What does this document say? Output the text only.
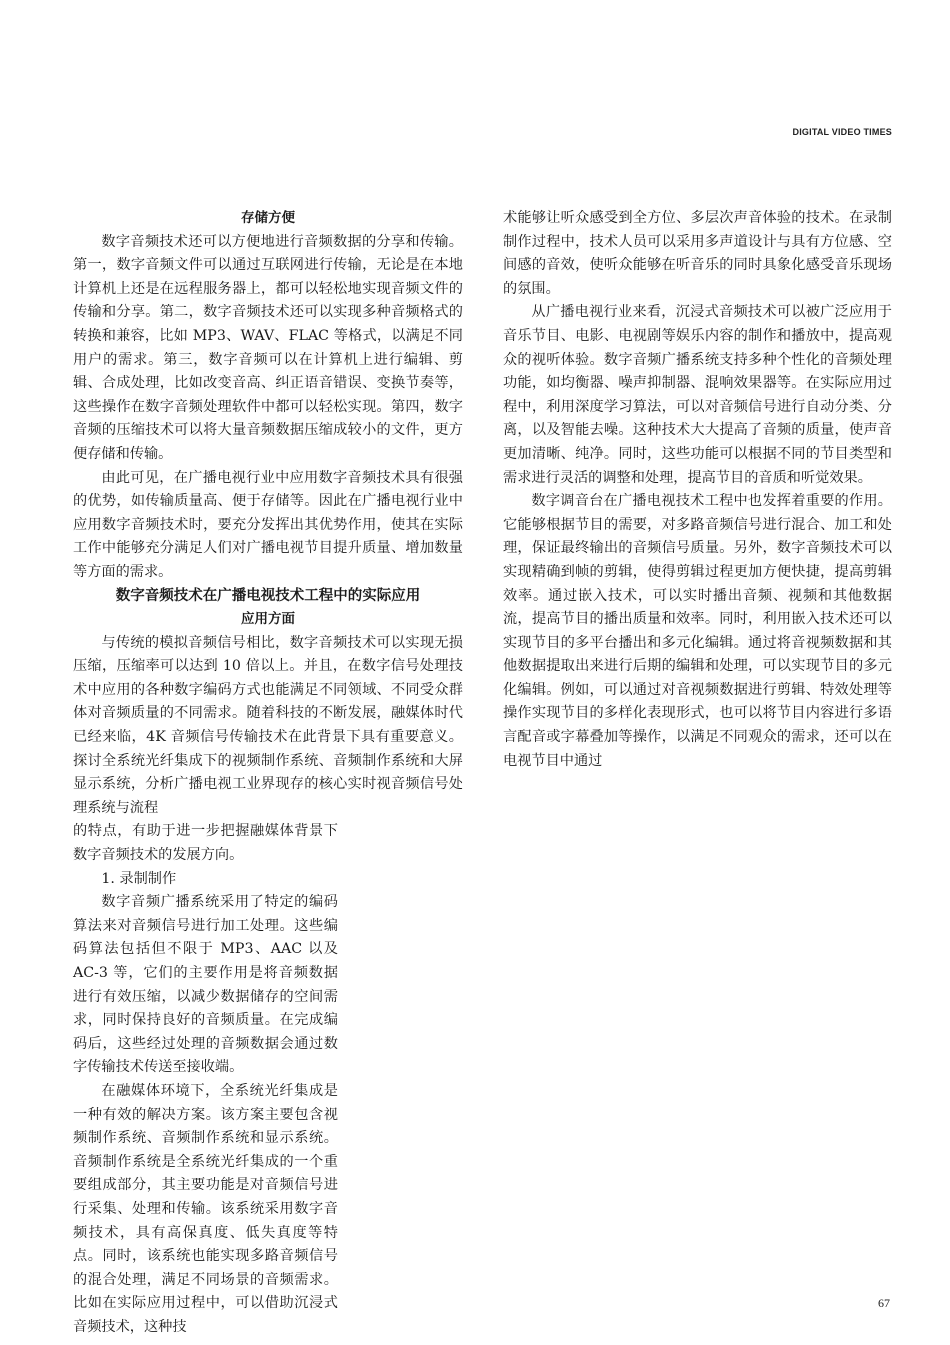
DIGITAL VIDEO TIMES

存储方便

数字音频技术还可以方便地进行音频数据的分享和传输。第一，数字音频文件可以通过互联网进行传输，无论是在本地计算机上还是在远程服务器上，都可以轻松地实现音频文件的传输和分享。第二，数字音频技术还可以实现多种音频格式的转换和兼容，比如 MP3、WAV、FLAC 等格式，以满足不同用户的需求。第三，数字音频可以在计算机上进行编辑、剪辑、合成处理，比如改变音高、纠正语音错误、变换节奏等，这些操作在数字音频处理软件中都可以轻松实现。第四，数字音频的压缩技术可以将大量音频数据压缩成较小的文件，更方便存储和传输。

由此可见，在广播电视行业中应用数字音频技术具有很强的优势，如传输质量高、便于存储等。因此在广播电视行业中应用数字音频技术时，要充分发挥出其优势作用，使其在实际工作中能够充分满足人们对广播电视节目提升质量、增加数量等方面的需求。

数字音频技术在广播电视技术工程中的实际应用

应用方面

与传统的模拟音频信号相比，数字音频技术可以实现无损压缩，压缩率可以达到 10 倍以上。并且，在数字信号处理技术中应用的各种数字编码方式也能满足不同领域、不同受众群体对音频质量的不同需求。随着科技的不断发展，融媒体时代已经来临，4K 音频信号传输技术在此背景下具有重要意义。探讨全系统光纤集成下的视频制作系统、音频制作系统和大屏显示系统，分析广播电视工业界现存的核心实时视音频信号处理系统与流程

的特点，有助于进一步把握融媒体背景下数字音频技术的发展方向。

1. 录制制作

数字音频广播系统采用了特定的编码算法来对音频信号进行加工处理。这些编码算法包括但不限于 MP3、AAC 以及 AC-3 等，它们的主要作用是将音频数据进行有效压缩，以减少数据储存的空间需求，同时保持良好的音频质量。在完成编码后，这些经过处理的音频数据会通过数字传输技术传送至接收端。

在融媒体环境下，全系统光纤集成是一种有效的解决方案。该方案主要包含视频制作系统、音频制作系统和显示系统。音频制作系统是全系统光纤集成的一个重要组成部分，其主要功能是对音频信号进行采集、处理和传输。该系统采用数字音频技术，具有高保真度、低失真度等特点。同时，该系统也能实现多路音频信号的混合处理，满足不同场景的音频需求。比如在实际应用过程中，可以借助沉浸式音频技术，这种技

术能够让听众感受到全方位、多层次声音体验的技术。在录制制作过程中，技术人员可以采用多声道设计与具有方位感、空间感的音效，使听众能够在听音乐的同时具象化感受音乐现场的氛围。

从广播电视行业来看，沉浸式音频技术可以被广泛应用于音乐节目、电影、电视剧等娱乐内容的制作和播放中，提高观众的视听体验。数字音频广播系统支持多种个性化的音频处理功能，如均衡器、噪声抑制器、混响效果器等。在实际应用过程中，利用深度学习算法，可以对音频信号进行自动分类、分离，以及智能去噪。这种技术大大提高了音频的质量，使声音更加清晰、纯净。同时，这些功能可以根据不同的节目类型和需求进行灵活的调整和处理，提高节目的音质和听觉效果。

数字调音台在广播电视技术工程中也发挥着重要的作用。它能够根据节目的需要，对多路音频信号进行混合、加工和处理，保证最终输出的音频信号质量。另外，数字音频技术可以实现精确到帧的剪辑，使得剪辑过程更加方便快捷，提高剪辑效率。通过嵌入技术，可以实时播出音频、视频和其他数据流，提高节目的播出质量和效率。同时，利用嵌入技术还可以实现节目的多平台播出和多元化编辑。通过将音视频数据和其他数据提取出来进行后期的编辑和处理，可以实现节目的多元化编辑。例如，可以通过对音视频数据进行剪辑、特效处理等操作实现节目的多样化表现形式，也可以将节目内容进行多语言配音或字幕叠加等操作，以满足不同观众的需求，还可以在电视节目中通过

67
